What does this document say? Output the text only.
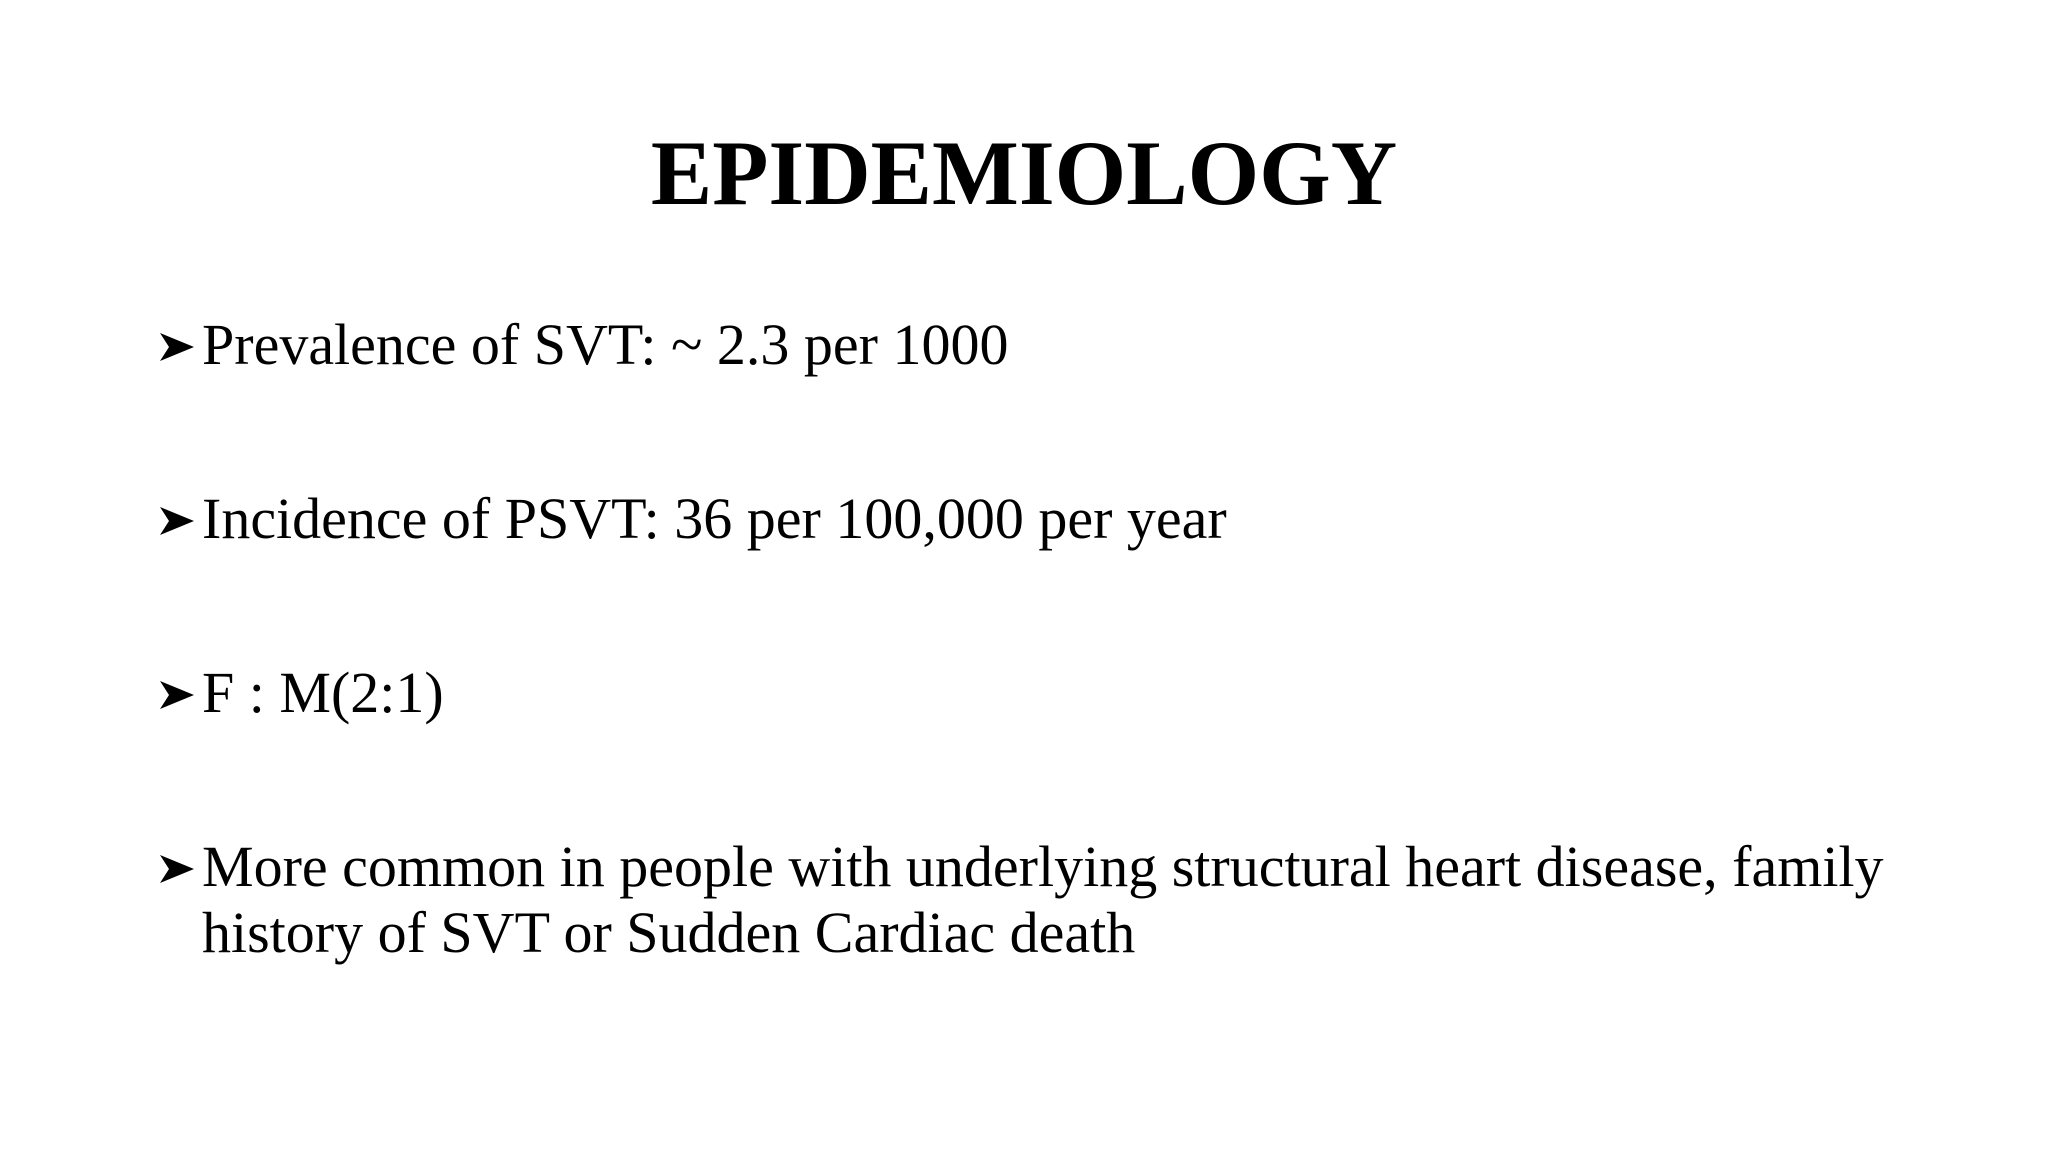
EPIDEMIOLOGY
Prevalence of SVT: ~ 2.3 per 1000
Incidence of PSVT: 36 per 100,000 per year
F : M(2:1)
More common in people with underlying structural heart disease, family history of SVT or Sudden Cardiac death
